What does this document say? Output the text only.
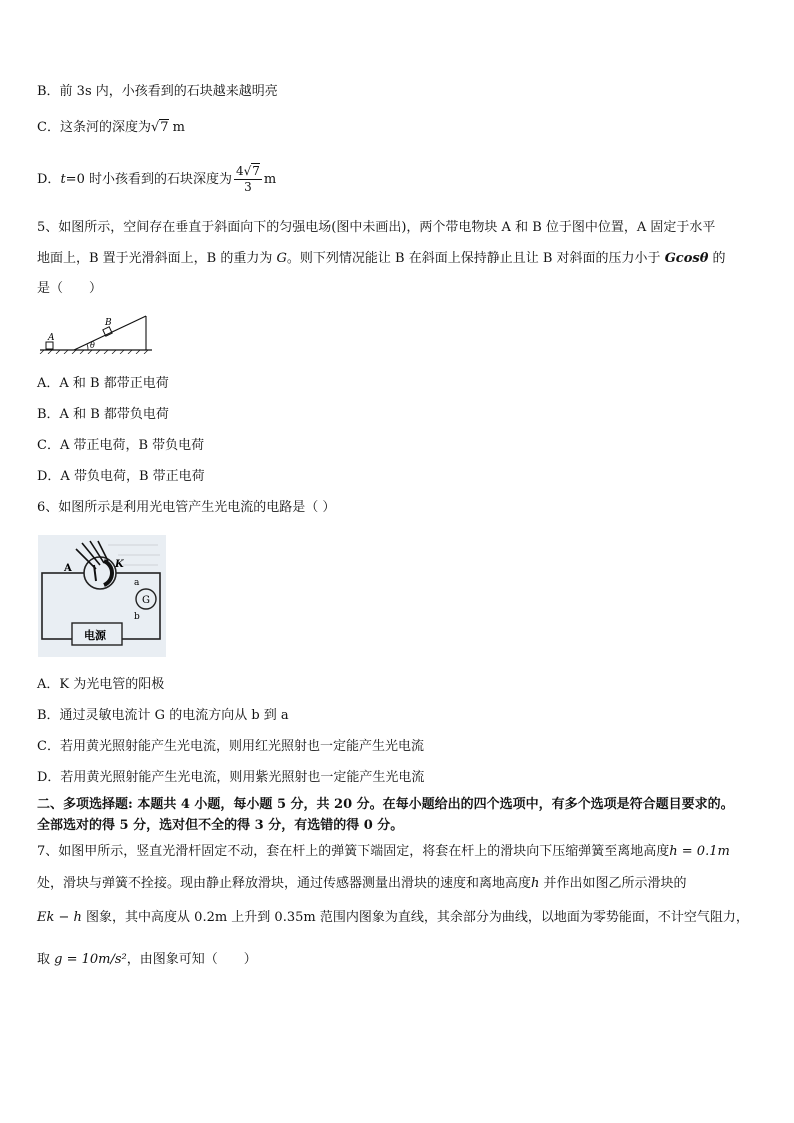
B．前 3s 内，小孩看到的石块越来越明亮
C．这条河的深度为√7 m
D．t=0 时小孩看到的石块深度为 $\frac{4√7}{3}$ m
5、如图所示，空间存在垂直于斜面向下的匀强电场(图中未画出)，两个带电物块 A 和 B 位于图中位置，A 固定于水平
地面上，B 置于光滑斜面上，B 的重力为 G。则下列情况能让 B 在斜面上保持静止且让 B 对斜面的压力小于 Gcosθ 的
是（　　）
A
B
θ
A．A 和 B 都带正电荷
B．A 和 B 都带负电荷
C．A 带正电荷，B 带负电荷
D．A 带负电荷，B 带正电荷
6、如图所示是利用光电管产生光电流的电路是（ ）
A	K
G
a
b
电源
A．K 为光电管的阳极
B．通过灵敏电流计 G 的电流方向从 b 到 a
C．若用黄光照射能产生光电流，则用红光照射也一定能产生光电流
D．若用黄光照射能产生光电流，则用紫光照射也一定能产生光电流
二、多项选择题: 本题共 4 小题，每小题 5 分，共 20 分。在每小题给出的四个选项中，有多个选项是符合题目要求的。
全部选对的得 5 分，选对但不全的得 3 分，有选错的得 0 分。
7、如图甲所示，竖直光滑杆固定不动，套在杆上的弹簧下端固定，将套在杆上的滑块向下压缩弹簧至离地高度h = 0.1m
处，滑块与弹簧不拴接。现由静止释放滑块，通过传感器测量出滑块的速度和离地高度h 并作出如图乙所示滑块的
Ek − h 图象，其中高度从 0.2m 上升到 0.35m 范围内图象为直线，其余部分为曲线，以地面为零势能面，不计空气阻力，
取 g = 10m/s²，由图象可知（　　）
